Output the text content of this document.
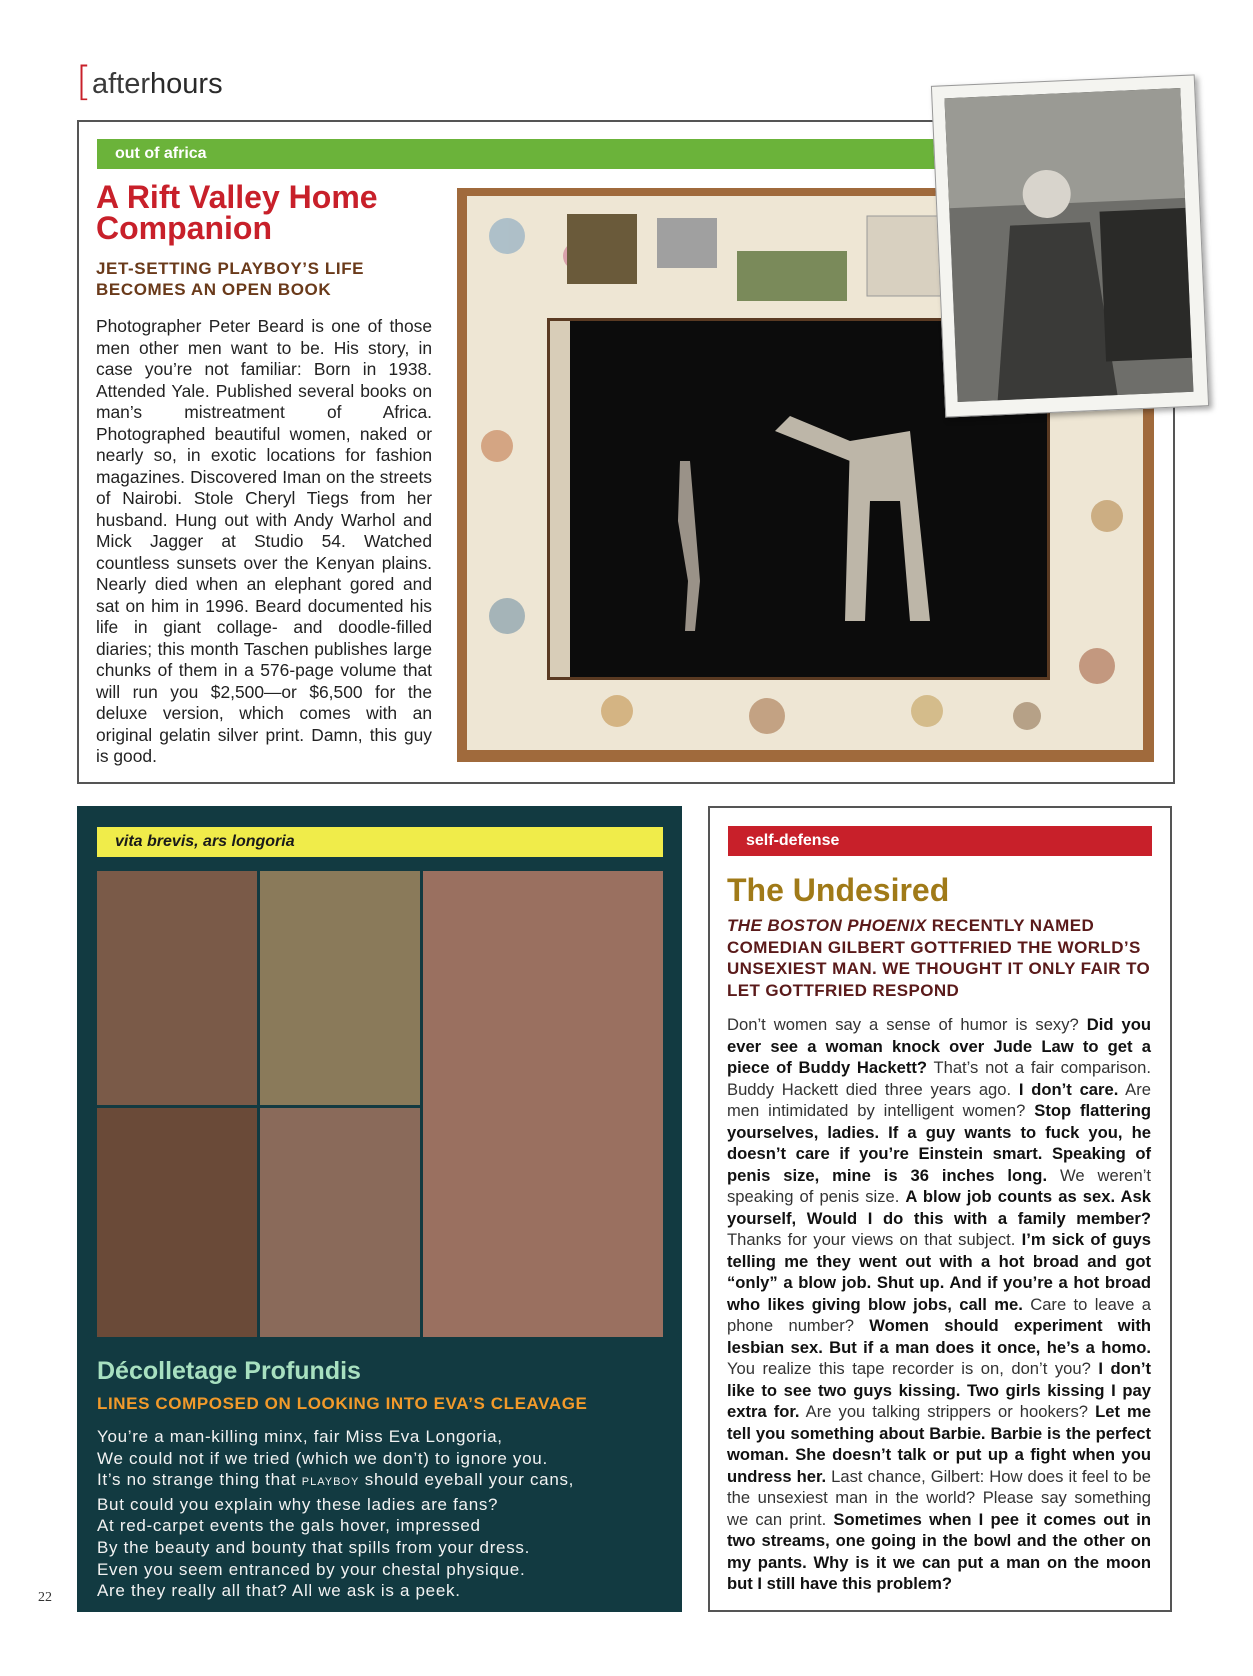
[ afterhours
out of africa
A Rift Valley Home Companion
JET-SETTING PLAYBOY’S LIFE BECOMES AN OPEN BOOK
Photographer Peter Beard is one of those men other men want to be. His story, in case you’re not familiar: Born in 1938. Attended Yale. Published several books on man’s mistreatment of Africa. Photographed beautiful women, naked or nearly so, in exotic locations for fashion magazines. Discovered Iman on the streets of Nairobi. Stole Cheryl Tiegs from her husband. Hung out with Andy Warhol and Mick Jagger at Studio 54. Watched countless sunsets over the Kenyan plains. Nearly died when an elephant gored and sat on him in 1996. Beard documented his life in giant collage- and doodle-filled diaries; this month Taschen publishes large chunks of them in a 576-page volume that will run you $2,500—or $6,500 for the deluxe version, which comes with an original gelatin silver print. Damn, this guy is good.
vita brevis, ars longoria
Décolletage Profundis
LINES COMPOSED ON LOOKING INTO EVA’S CLEAVAGE
You’re a man-killing minx, fair Miss Eva Longoria,
We could not if we tried (which we don’t) to ignore you.
It’s no strange thing that PLAYBOY should eyeball your cans,
But could you explain why these ladies are fans?
At red-carpet events the gals hover, impressed
By the beauty and bounty that spills from your dress.
Even you seem entranced by your chestal physique.
Are they really all that? All we ask is a peek.
self-defense
The Undesired
THE BOSTON PHOENIX RECENTLY NAMED COMEDIAN GILBERT GOTTFRIED THE WORLD’S UNSEXIEST MAN. WE THOUGHT IT ONLY FAIR TO LET GOTTFRIED RESPOND
Don’t women say a sense of humor is sexy? Did you ever see a woman knock over Jude Law to get a piece of Buddy Hackett? That’s not a fair comparison. Buddy Hackett died three years ago. I don’t care. Are men intimidated by intelligent women? Stop flattering yourselves, ladies. If a guy wants to fuck you, he doesn’t care if you’re Einstein smart. Speaking of penis size, mine is 36 inches long. We weren’t speaking of penis size. A blow job counts as sex. Ask yourself, Would I do this with a family member? Thanks for your views on that subject. I’m sick of guys telling me they went out with a hot broad and got “only” a blow job. Shut up. And if you’re a hot broad who likes giving blow jobs, call me. Care to leave a phone number? Women should experiment with lesbian sex. But if a man does it once, he’s a homo. You realize this tape recorder is on, don’t you? I don’t like to see two guys kissing. Two girls kissing I pay extra for. Are you talking strippers or hookers? Let me tell you something about Barbie. Barbie is the perfect woman. She doesn’t talk or put up a fight when you undress her. Last chance, Gilbert: How does it feel to be the unsexiest man in the world? Please say something we can print. Sometimes when I pee it comes out in two streams, one going in the bowl and the other on my pants. Why is it we can put a man on the moon but I still have this problem?
22
